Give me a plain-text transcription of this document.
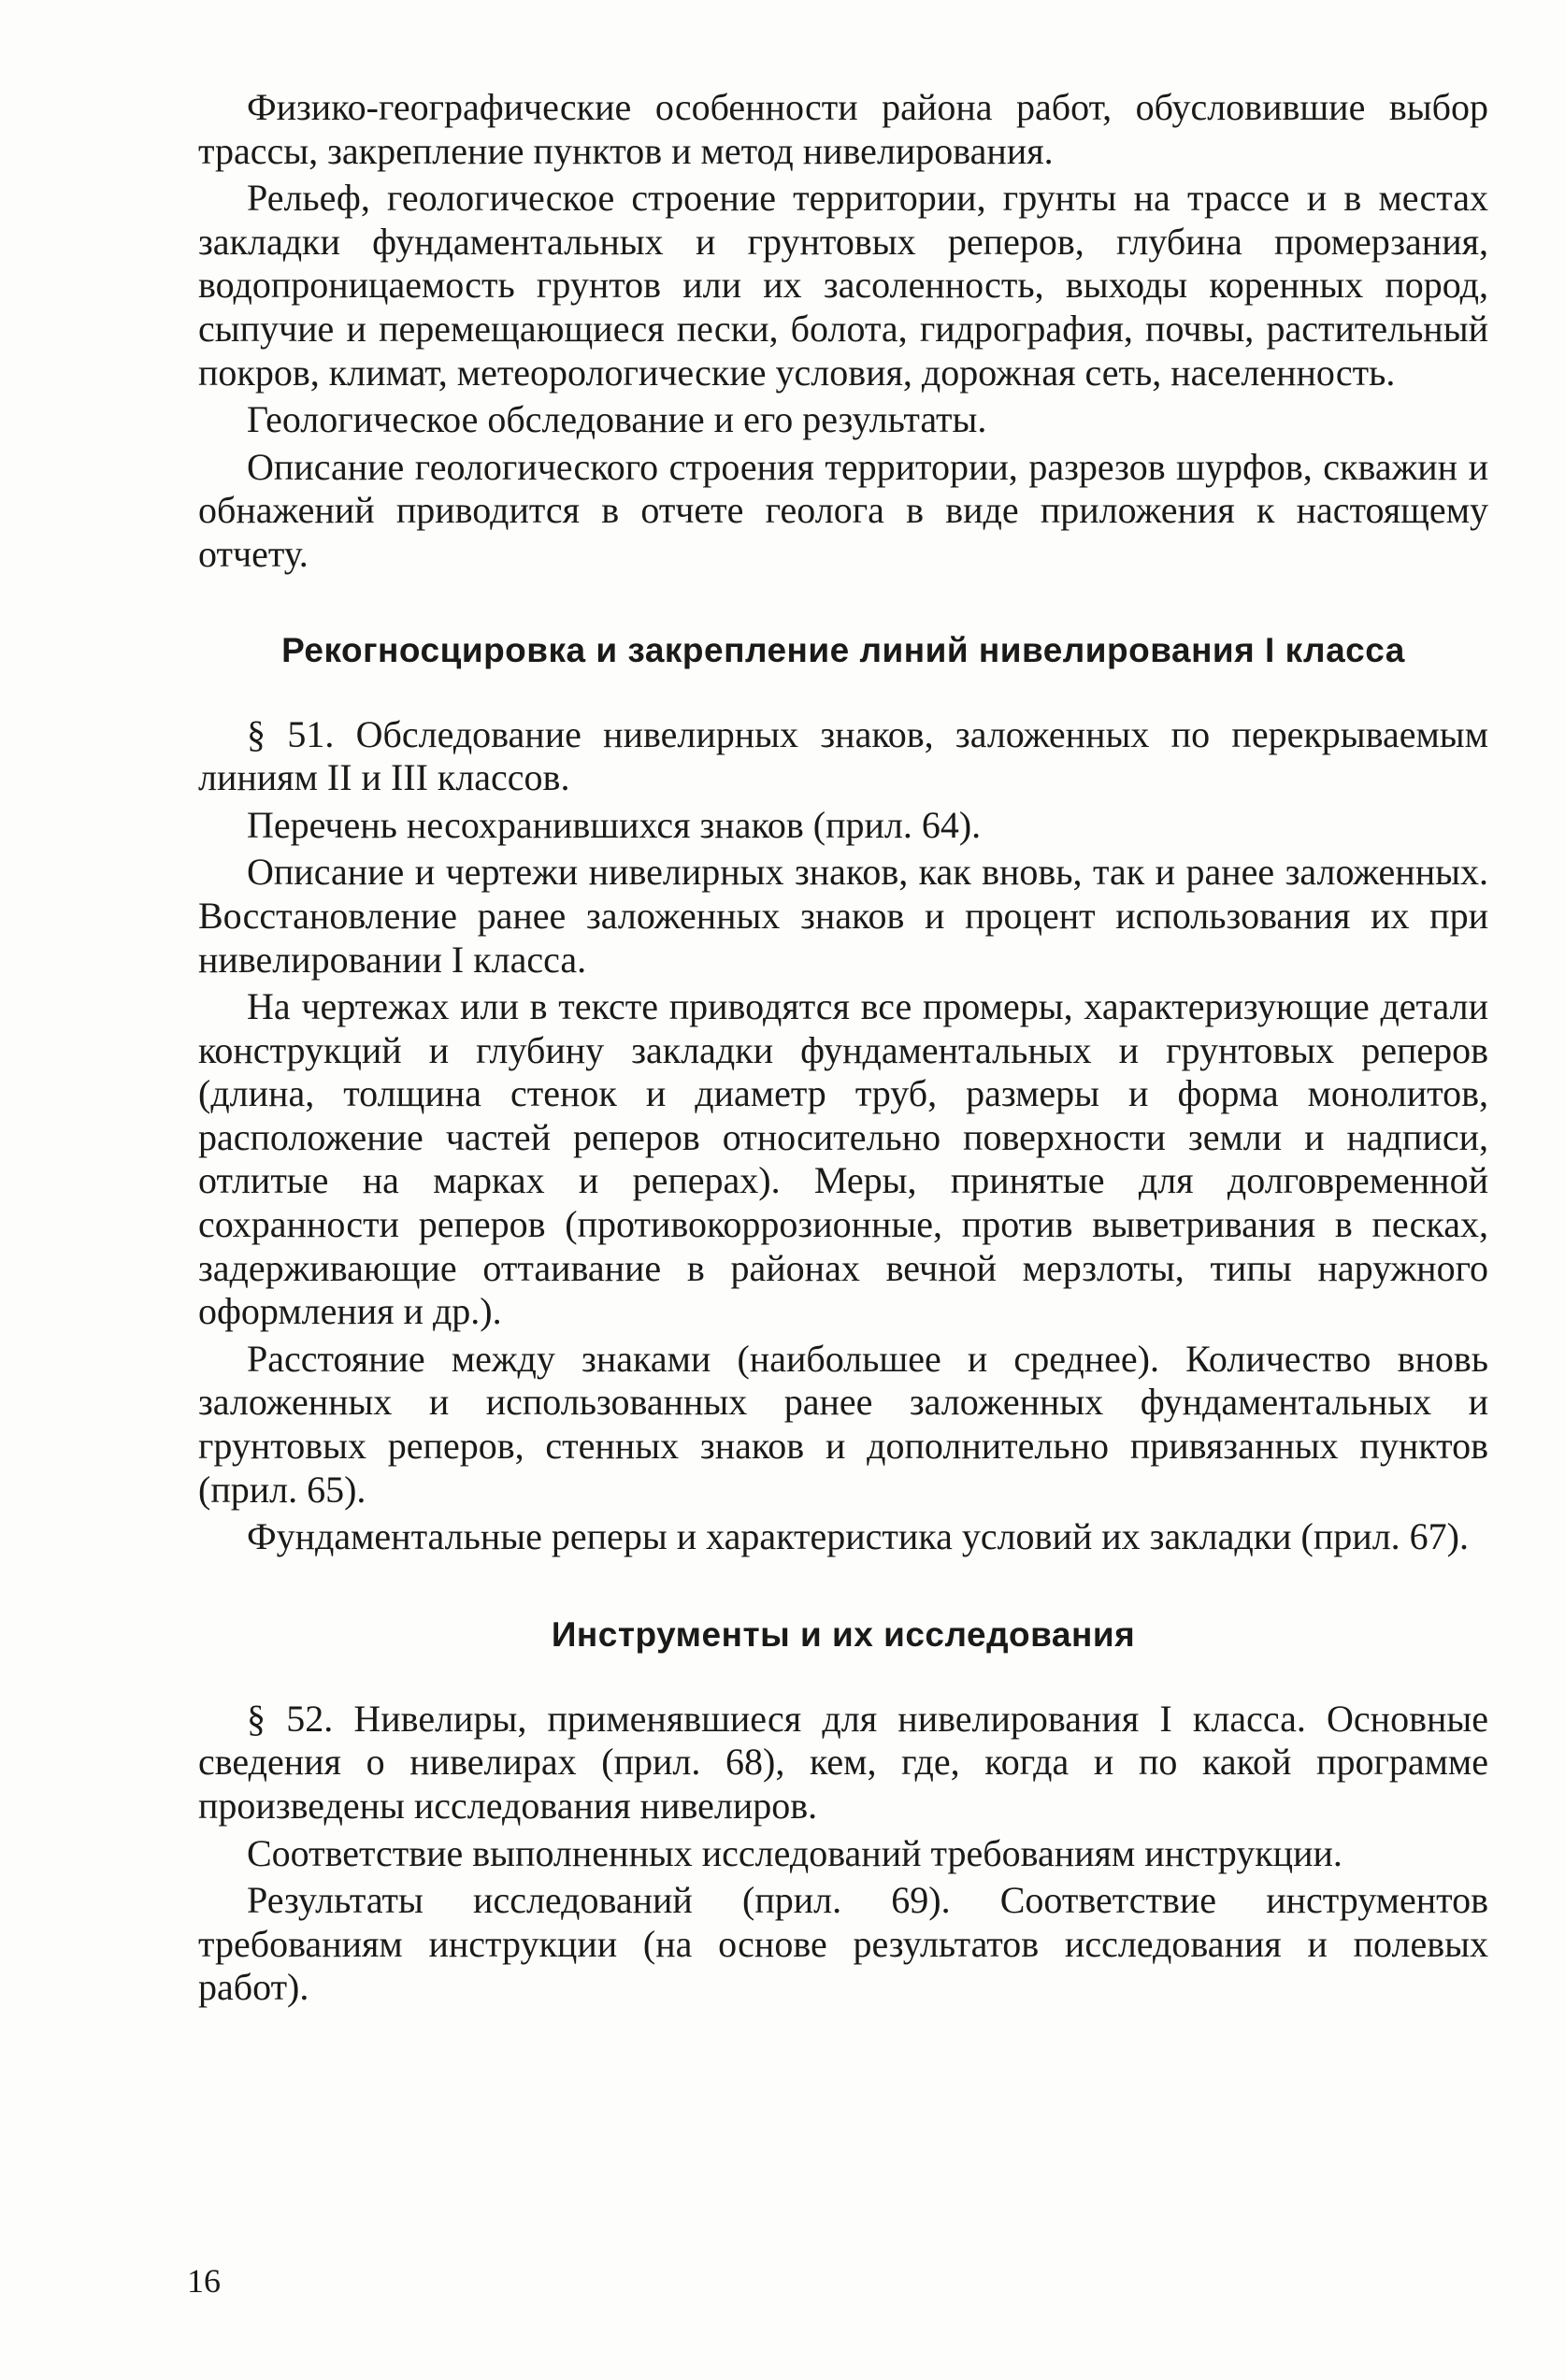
Физико-географические особенности района работ, обусловившие выбор трассы, закрепление пунктов и метод нивелирования.

Рельеф, геологическое строение территории, грунты на трассе и в местах закладки фундаментальных и грунтовых реперов, глубина промерзания, водопроницаемость грунтов или их засоленность, выходы коренных пород, сыпучие и перемещающиеся пески, болота, гидрография, почвы, растительный покров, климат, метеорологические условия, дорожная сеть, населенность.

Геологическое обследование и его результаты.

Описание геологического строения территории, разрезов шурфов, скважин и обнажений приводится в отчете геолога в виде приложения к настоящему отчету.

Рекогносцировка и закрепление линий нивелирования I класса

§ 51. Обследование нивелирных знаков, заложенных по перекрываемым линиям II и III классов.

Перечень несохранившихся знаков (прил. 64).

Описание и чертежи нивелирных знаков, как вновь, так и ранее заложенных. Восстановление ранее заложенных знаков и процент использования их при нивелировании I класса.

На чертежах или в тексте приводятся все промеры, характеризующие детали конструкций и глубину закладки фундаментальных и грунтовых реперов (длина, толщина стенок и диаметр труб, размеры и форма монолитов, расположение частей реперов относительно поверхности земли и надписи, отлитые на марках и реперах). Меры, принятые для долговременной сохранности реперов (противокоррозионные, против выветривания в песках, задерживающие оттаивание в районах вечной мерзлоты, типы наружного оформления и др.).

Расстояние между знаками (наибольшее и среднее). Количество вновь заложенных и использованных ранее заложенных фундаментальных и грунтовых реперов, стенных знаков и дополнительно привязанных пунктов (прил. 65).

Фундаментальные реперы и характеристика условий их закладки (прил. 67).

Инструменты и их исследования

§ 52. Нивелиры, применявшиеся для нивелирования I класса. Основные сведения о нивелирах (прил. 68), кем, где, когда и по какой программе произведены исследования нивелиров.

Соответствие выполненных исследований требованиям инструкции.

Результаты исследований (прил. 69). Соответствие инструментов требованиям инструкции (на основе результатов исследования и полевых работ).

16
